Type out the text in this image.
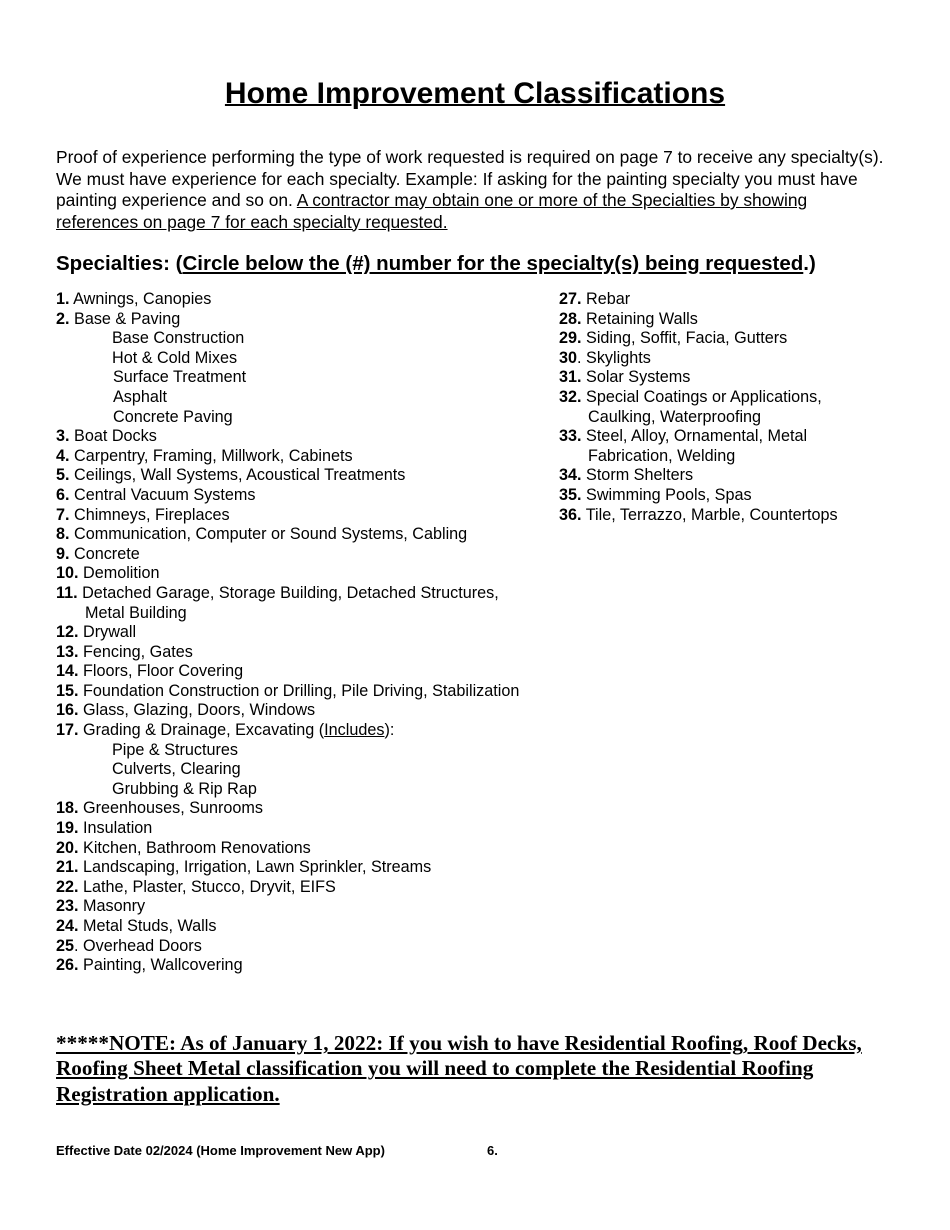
Home Improvement Classifications

Proof of experience performing the type of work requested is required on page 7 to receive any specialty(s). We must have experience for each specialty. Example: If asking for the painting specialty you must have painting experience and so on. A contractor may obtain one or more of the Specialties by showing references on page 7 for each specialty requested.

Specialties: (Circle below the (#) number for the specialty(s) being requested.)
1. Awnings, Canopies
2. Base & Paving
Base Construction
Hot & Cold Mixes
Surface Treatment
Asphalt
Concrete Paving
3. Boat Docks
4. Carpentry, Framing, Millwork, Cabinets
5. Ceilings, Wall Systems, Acoustical Treatments
6. Central Vacuum Systems
7. Chimneys, Fireplaces
8. Communication, Computer or Sound Systems, Cabling
9. Concrete
10. Demolition
11. Detached Garage, Storage Building, Detached Structures,
Metal Building
12. Drywall
13. Fencing, Gates
14. Floors, Floor Covering
15. Foundation Construction or Drilling, Pile Driving, Stabilization
16. Glass, Glazing, Doors, Windows
17. Grading & Drainage, Excavating (Includes):
Pipe & Structures
Culverts, Clearing
Grubbing & Rip Rap
18. Greenhouses, Sunrooms
19. Insulation
20. Kitchen, Bathroom Renovations
21. Landscaping, Irrigation, Lawn Sprinkler, Streams
22. Lathe, Plaster, Stucco, Dryvit, EIFS
23. Masonry
24. Metal Studs, Walls
25. Overhead Doors
26. Painting, Wallcovering
27. Rebar
28. Retaining Walls
29. Siding, Soffit, Facia, Gutters
30. Skylights
31. Solar Systems
32. Special Coatings or Applications,
Caulking, Waterproofing
33. Steel, Alloy, Ornamental, Metal
Fabrication, Welding
34. Storm Shelters
35. Swimming Pools, Spas
36. Tile, Terrazzo, Marble, Countertops

*****NOTE: As of January 1, 2022: If you wish to have Residential Roofing, Roof Decks, Roofing Sheet Metal classification you will need to complete the Residential Roofing Registration application.

Effective Date 02/2024 (Home Improvement New App)	6.
